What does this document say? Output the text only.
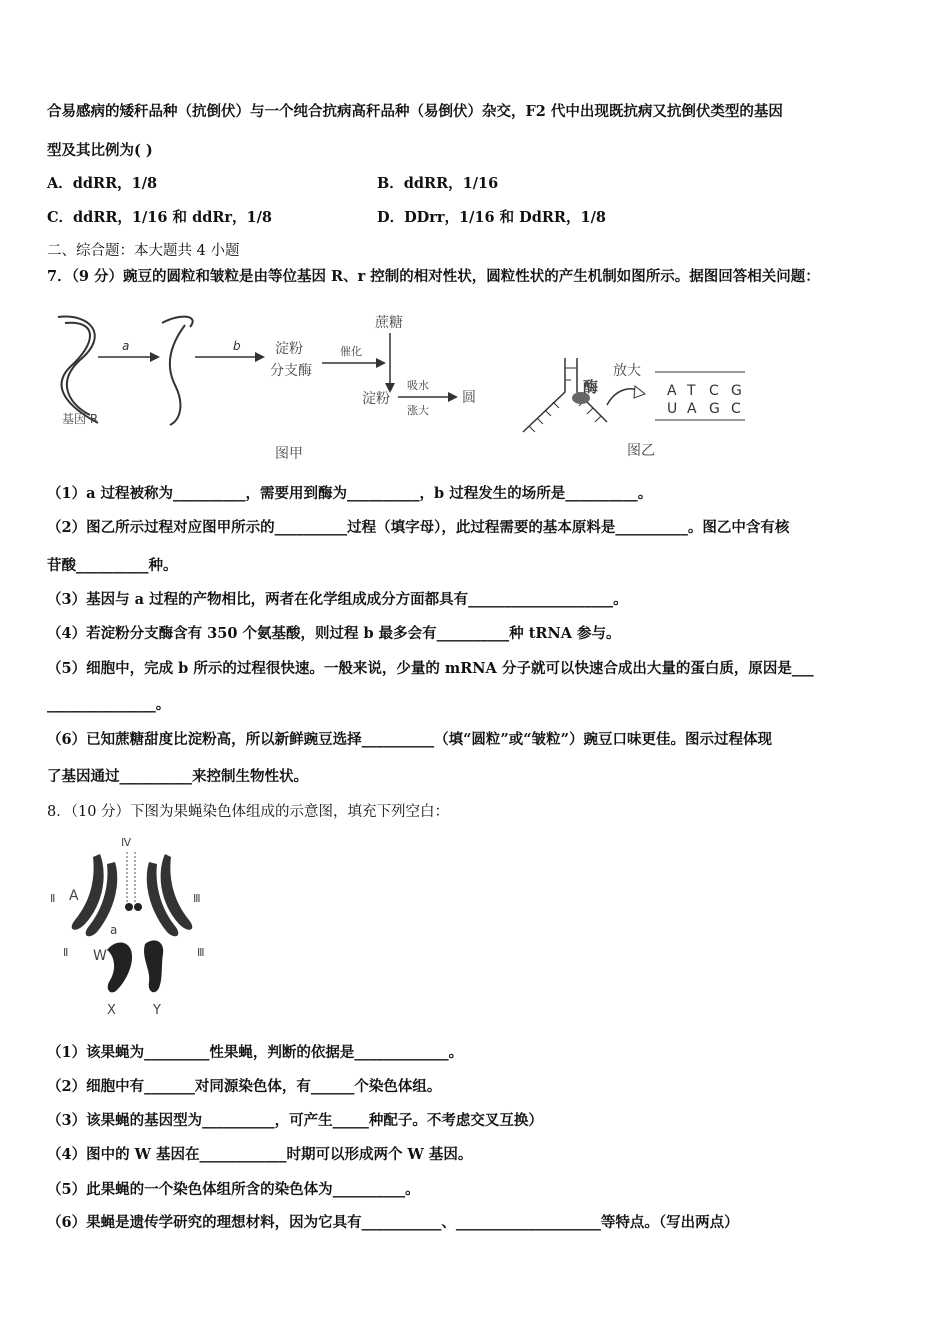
合易感病的矮秆品种（抗倒伏）与一个纯合抗病高秆品种（易倒伏）杂交，F2 代中出现既抗病又抗倒伏类型的基因
型及其比例为( )
A．ddRR，1/8	B．ddRR，1/16
C．ddRR，1/16 和 ddRr，1/8	D．DDrr，1/16 和 DdRR，1/8
二、综合题：本大题共 4 小题
7．（9 分）豌豆的圆粒和皱粒是由等位基因 R、r 控制的相对性状，圆粒性状的产生机制如图所示。据图回答相关问题：
基因 R
a	b 淀粉
分支酶
蔗糖
催化
淀粉
吸水
涨大
圆
图甲
酶
放大
A T C G
U A G C
图乙
（1）a 过程被称为__________，需要用到酶为__________，b 过程发生的场所是__________。
（2）图乙所示过程对应图甲所示的__________过程（填字母），此过程需要的基本原料是__________。图乙中含有核
苷酸__________种。
（3）基因与 a 过程的产物相比，两者在化学组成成分方面都具有____________________。
（4）若淀粉分支酶含有 350 个氨基酸，则过程 b 最多会有__________种 tRNA 参与。
（5）细胞中，完成 b 所示的过程很快速。一般来说，少量的 mRNA 分子就可以快速合成出大量的蛋白质，原因是___
_______________。
（6）已知蔗糖甜度比淀粉高，所以新鲜豌豆选择__________（填“圆粒”或“皱粒”）豌豆口味更佳。图示过程体现
了基因通过__________来控制生物性状。
8．（10 分）下图为果蝇染色体组成的示意图，填充下列空白：
Ⅳ
Ⅱ
Ⅱ
Ⅲ
Ⅲ
A
a
W
X	Y
（1）该果蝇为_________性果蝇，判断的依据是_____________。
（2）细胞中有_______对同源染色体，有______个染色体组。
（3）该果蝇的基因型为__________，可产生_____种配子。不考虑交叉互换）
（4）图中的 W 基因在____________时期可以形成两个 W 基因。
（5）此果蝇的一个染色体组所含的染色体为__________。
（6）果蝇是遗传学研究的理想材料，因为它具有___________、____________________等特点。（写出两点）
